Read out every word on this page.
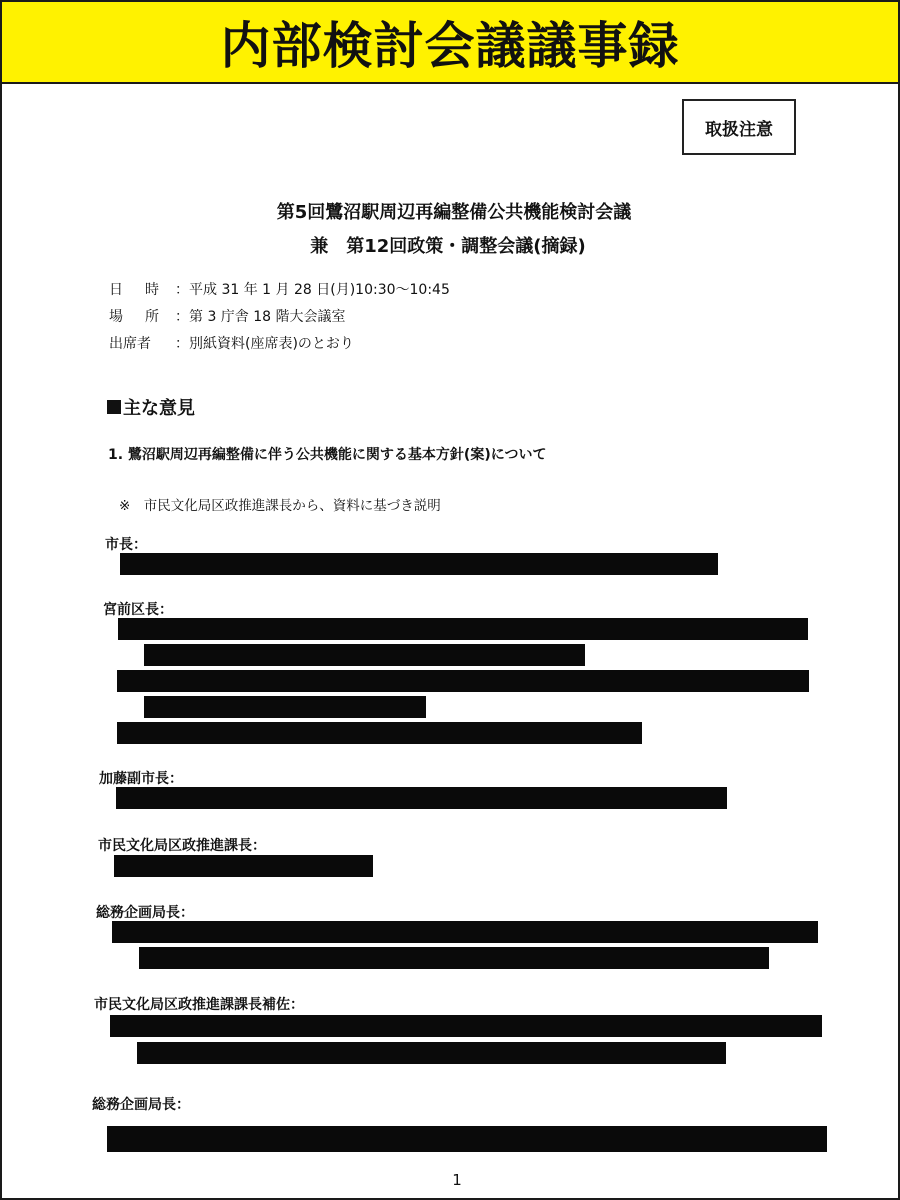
内部検討会議議事録
取扱注意
第5回鷺沼駅周辺再編整備公共機能検討会議
兼　第12回政策・調整会議(摘録)
日　時 ：平成 31 年 1 月 28 日(月)10:30～10:45
場　所 ：第 3 庁舎 18 階大会議室
出席者	：別紙資料(座席表)のとおり
主な意見
1. 鷺沼駅周辺再編整備に伴う公共機能に関する基本方針(案)について
※　市民文化局区政推進課長から、資料に基づき説明
市長：
宮前区長：
加藤副市長：
市民文化局区政推進課長：
総務企画局長：
市民文化局区政推進課課長補佐：
総務企画局長：
1
